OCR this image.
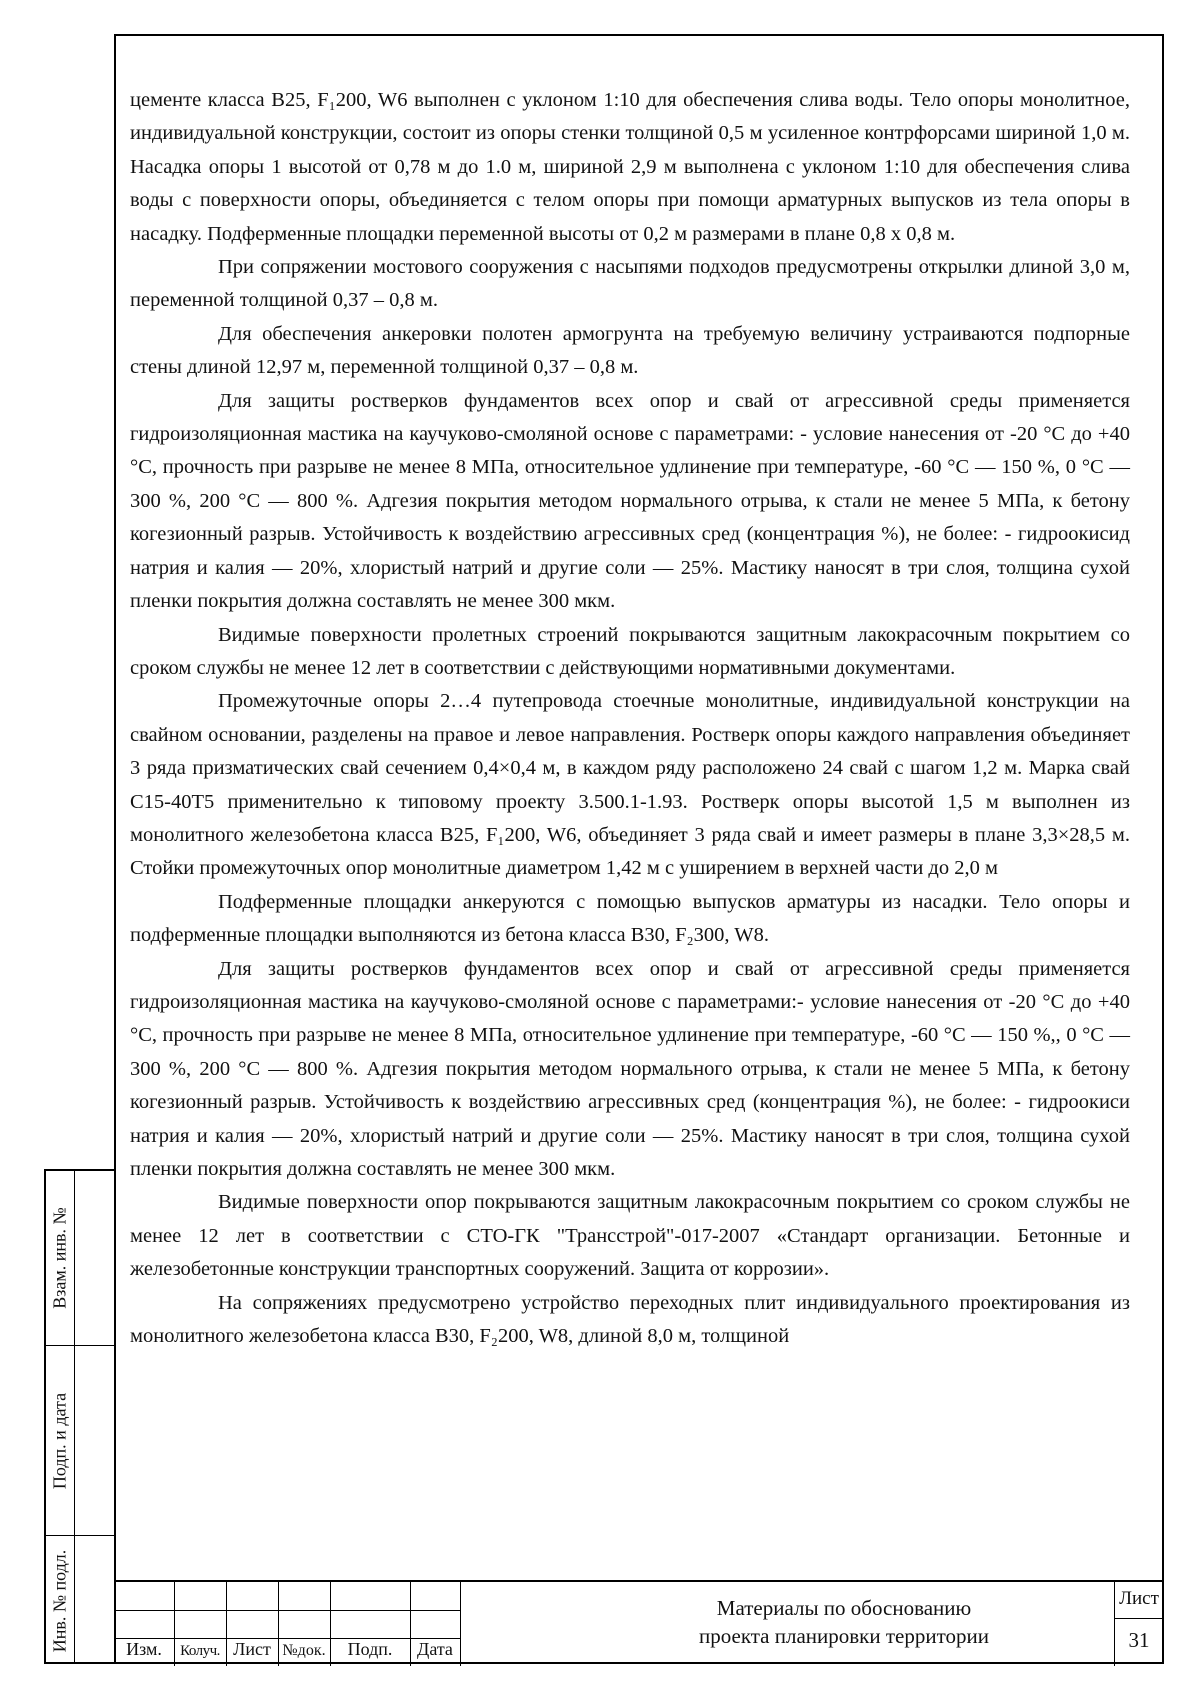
цементе класса В25, F₁200, W6 выполнен с уклоном 1:10 для обеспечения слива воды. Тело опоры монолитное, индивидуальной конструкции, состоит из опоры стенки толщиной 0,5 м усиленное контрфорсами шириной 1,0 м. Насадка опоры 1 высотой от 0,78 м до 1.0 м, шириной 2,9 м выполнена с уклоном 1:10 для обеспечения слива воды с поверхности опоры, объединяется с телом опоры при помощи арматурных выпусков из тела опоры в насадку. Подферменные площадки переменной высоты от 0,2 м размерами в плане 0,8 х 0,8 м.

При сопряжении мостового сооружения с насыпями подходов предусмотрены открылки длиной 3,0 м, переменной толщиной 0,37 – 0,8 м.

Для обеспечения анкеровки полотен армогрунта на требуемую величину устраиваются подпорные стены длиной 12,97 м, переменной толщиной 0,37 – 0,8 м.

Для защиты ростверков фундаментов всех опор и свай от агрессивной среды применяется гидроизоляционная мастика на каучуково-смоляной основе с параметрами: - условие нанесения от -20 °С до +40 °С, прочность при разрыве не менее 8 МПа, относительное удлинение при температуре, -60 °С — 150 %, 0 °С — 300 %, 200 °С — 800 %. Адгезия покрытия методом нормального отрыва, к стали не менее 5 МПа, к бетону когезионный разрыв. Устойчивость к воздействию агрессивных сред (концентрация %), не более: - гидроокисид натрия и калия — 20%, хлористый натрий и другие соли — 25%. Мастику наносят в три слоя, толщина сухой пленки покрытия должна составлять не менее 300 мкм.

Видимые поверхности пролетных строений покрываются защитным лакокрасочным покрытием со сроком службы не менее 12 лет в соответствии с действующими нормативными документами.

Промежуточные опоры 2…4 путепровода стоечные монолитные, индивидуальной конструкции на свайном основании, разделены на правое и левое направления. Ростверк опоры каждого направления объединяет 3 ряда призматических свай сечением 0,4×0,4 м, в каждом ряду расположено 24 свай с шагом 1,2 м. Марка свай С15-40Т5 применительно к типовому проекту 3.500.1-1.93. Ростверк опоры высотой 1,5 м выполнен из монолитного железобетона класса В25, F₁200, W6, объединяет 3 ряда свай и имеет размеры в плане 3,3×28,5 м. Стойки промежуточных опор монолитные диаметром 1,42 м с уширением в верхней части до 2,0 м

Подферменные площадки анкеруются с помощью выпусков арматуры из насадки. Тело опоры и подферменные площадки выполняются из бетона класса В30, F₂300, W8.

Для защиты ростверков фундаментов всех опор и свай от агрессивной среды применяется гидроизоляционная мастика на каучуково-смоляной основе с параметрами:- условие нанесения от -20 °С до +40 °С, прочность при разрыве не менее 8 МПа, относительное удлинение при температуре, -60 °С — 150 %,, 0 °С — 300 %, 200 °С — 800 %. Адгезия покрытия методом нормального отрыва, к стали не менее 5 МПа, к бетону когезионный разрыв. Устойчивость к воздействию агрессивных сред (концентрация %), не более: - гидроокиси натрия и калия — 20%, хлористый натрий и другие соли — 25%. Мастику наносят в три слоя, толщина сухой пленки покрытия должна составлять не менее 300 мкм.

Видимые поверхности опор покрываются защитным лакокрасочным покрытием со сроком службы не менее 12 лет в соответствии с СТО-ГК "Трансстрой"-017-2007 «Стандарт организации. Бетонные и железобетонные конструкции транспортных сооружений. Защита от коррозии».

На сопряжениях предусмотрено устройство переходных плит индивидуального проектирования из монолитного железобетона класса В30, F₂200, W8, длиной 8,0 м, толщиной

Взам. инв. №
Подп. и дата
Инв. № подл.	Изм.	Колуч. Лист №док.	Подп.	Дата
Материалы по обоснованию
проекта планировки территории
Лист
31
